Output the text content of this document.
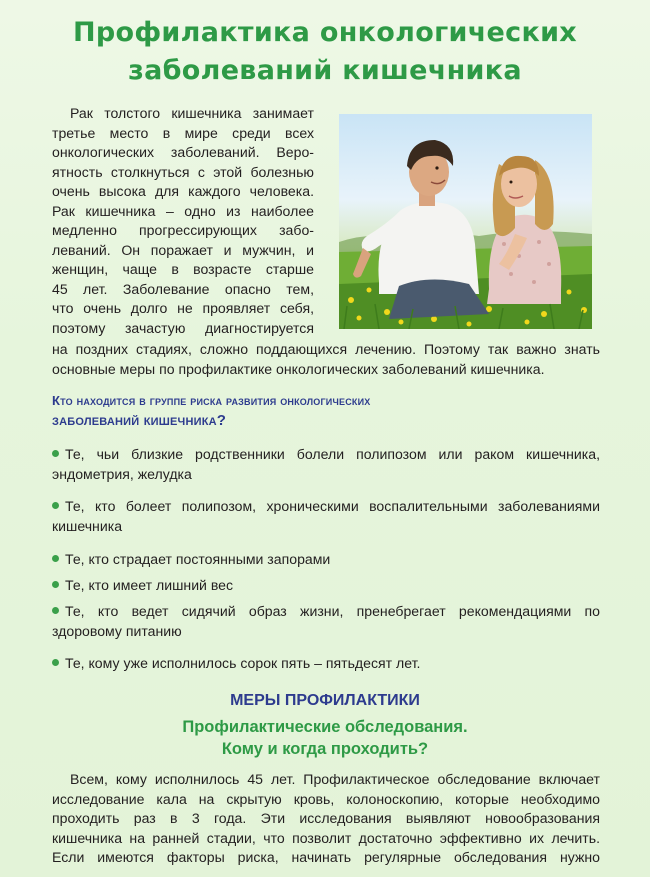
Профилактика онкологических
заболеваний кишечника
Рак толстого кишечника занимает
третье место в мире среди всех
онкологических заболеваний. Веро-
ятность столкнуться с этой болезнью
очень высока для каждого человека.
Рак кишечника – одно из наиболее
медленно прогрессирующих забо-
леваний. Он поражает и мужчин, и
женщин, чаще в возрасте старше
45 лет. Заболевание опасно тем,
что очень долго не проявляет себя,
поэтому зачастую диагностируется
на поздних стадиях, сложно поддающихся лечению. Поэтому так важно знать
основные меры по профилактике онкологических заболеваний кишечника.
Кто находится в группе риска развития онкологических
заболеваний кишечника?
Те, чьи близкие родственники болели полипозом или раком кишечника,
эндометрия, желудка
Те, кто болеет полипозом, хроническими воспалительными заболеваниями
кишечника
Те, кто страдает постоянными запорами
Те, кто имеет лишний вес
Те, кто ведет сидячий образ жизни, пренебрегает рекомендациями по
здоровому питанию
Те, кому уже исполнилось сорок пять – пятьдесят лет.
МЕРЫ ПРОФИЛАКТИКИ
Профилактические обследования.
Кому и когда проходить?
Всем, кому исполнилось 45 лет. Профилактическое обследование включает
исследование кала на скрытую кровь, колоноскопию, которые необходимо
проходить раз в 3 года. Эти исследования выявляют новообразования
кишечника на ранней стадии, что позволит достаточно эффективно их лечить.
Если имеются факторы риска, начинать регулярные обследования нужно
